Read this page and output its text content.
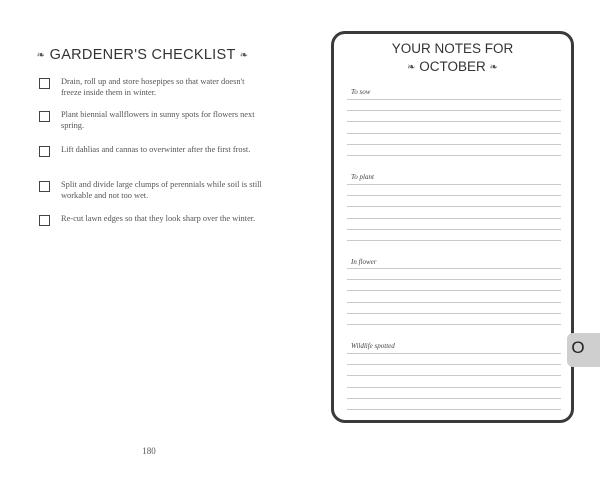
❧ GARDENER'S CHECKLIST ❧
Drain, roll up and store hosepipes so that water doesn't freeze inside them in winter.
Plant biennial wallflowers in sunny spots for flowers next spring.
Lift dahlias and cannas to overwinter after the first frost.
Split and divide large clumps of perennials while soil is still workable and not too wet.
Re-cut lawn edges so that they look sharp over the winter.
180
YOUR NOTES FOR
❧ OCTOBER ❧
To sow
To plant
In flower
Wildlife spotted	O
